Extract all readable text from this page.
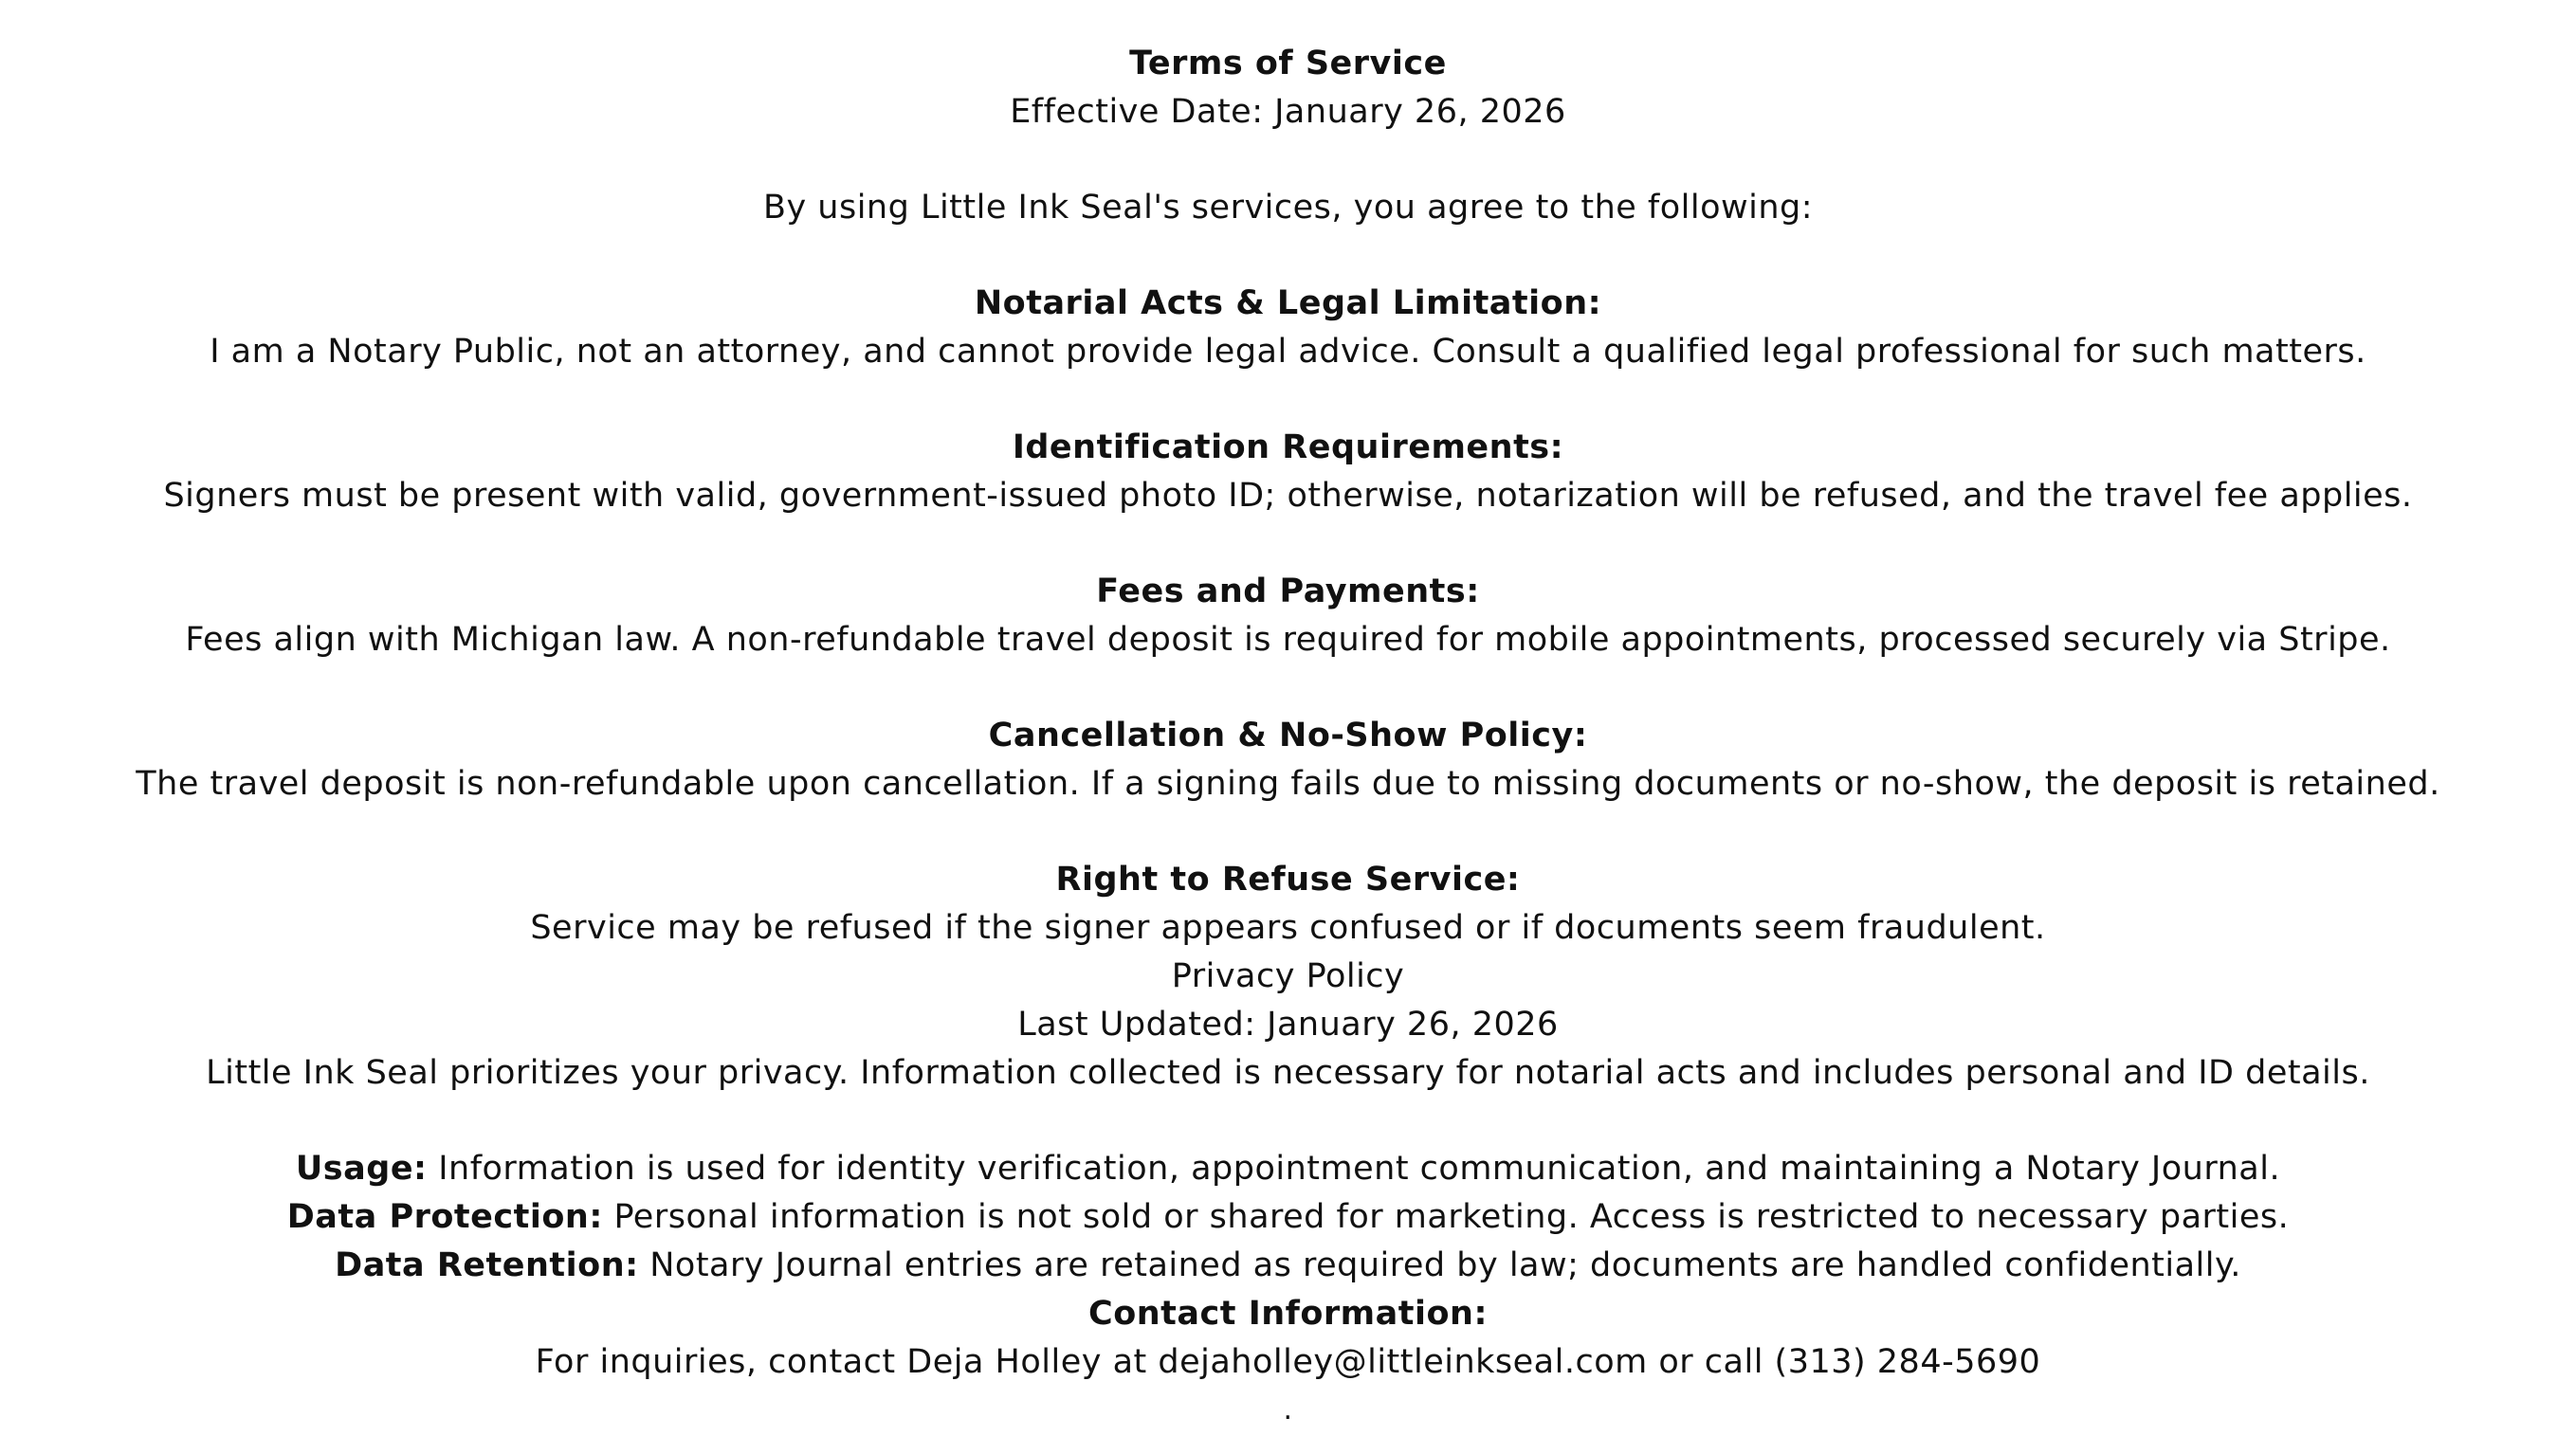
Terms of Service
Effective Date: January 26, 2026
By using Little Ink Seal's services, you agree to the following:
Notarial Acts & Legal Limitation:
I am a Notary Public, not an attorney, and cannot provide legal advice. Consult a qualified legal professional for such matters.
Identification Requirements:
Signers must be present with valid, government-issued photo ID; otherwise, notarization will be refused, and the travel fee applies.
Fees and Payments:
Fees align with Michigan law. A non-refundable travel deposit is required for mobile appointments, processed securely via Stripe.
Cancellation & No-Show Policy:
The travel deposit is non-refundable upon cancellation. If a signing fails due to missing documents or no-show, the deposit is retained.
Right to Refuse Service:
Service may be refused if the signer appears confused or if documents seem fraudulent.
Privacy Policy
Last Updated: January 26, 2026
Little Ink Seal prioritizes your privacy. Information collected is necessary for notarial acts and includes personal and ID details.
Usage: Information is used for identity verification, appointment communication, and maintaining a Notary Journal.
Data Protection: Personal information is not sold or shared for marketing. Access is restricted to necessary parties.
Data Retention: Notary Journal entries are retained as required by law; documents are handled confidentially.
Contact Information:
For inquiries, contact Deja Holley at dejaholley@littleinkseal.com or call (313) 284-5690
.
